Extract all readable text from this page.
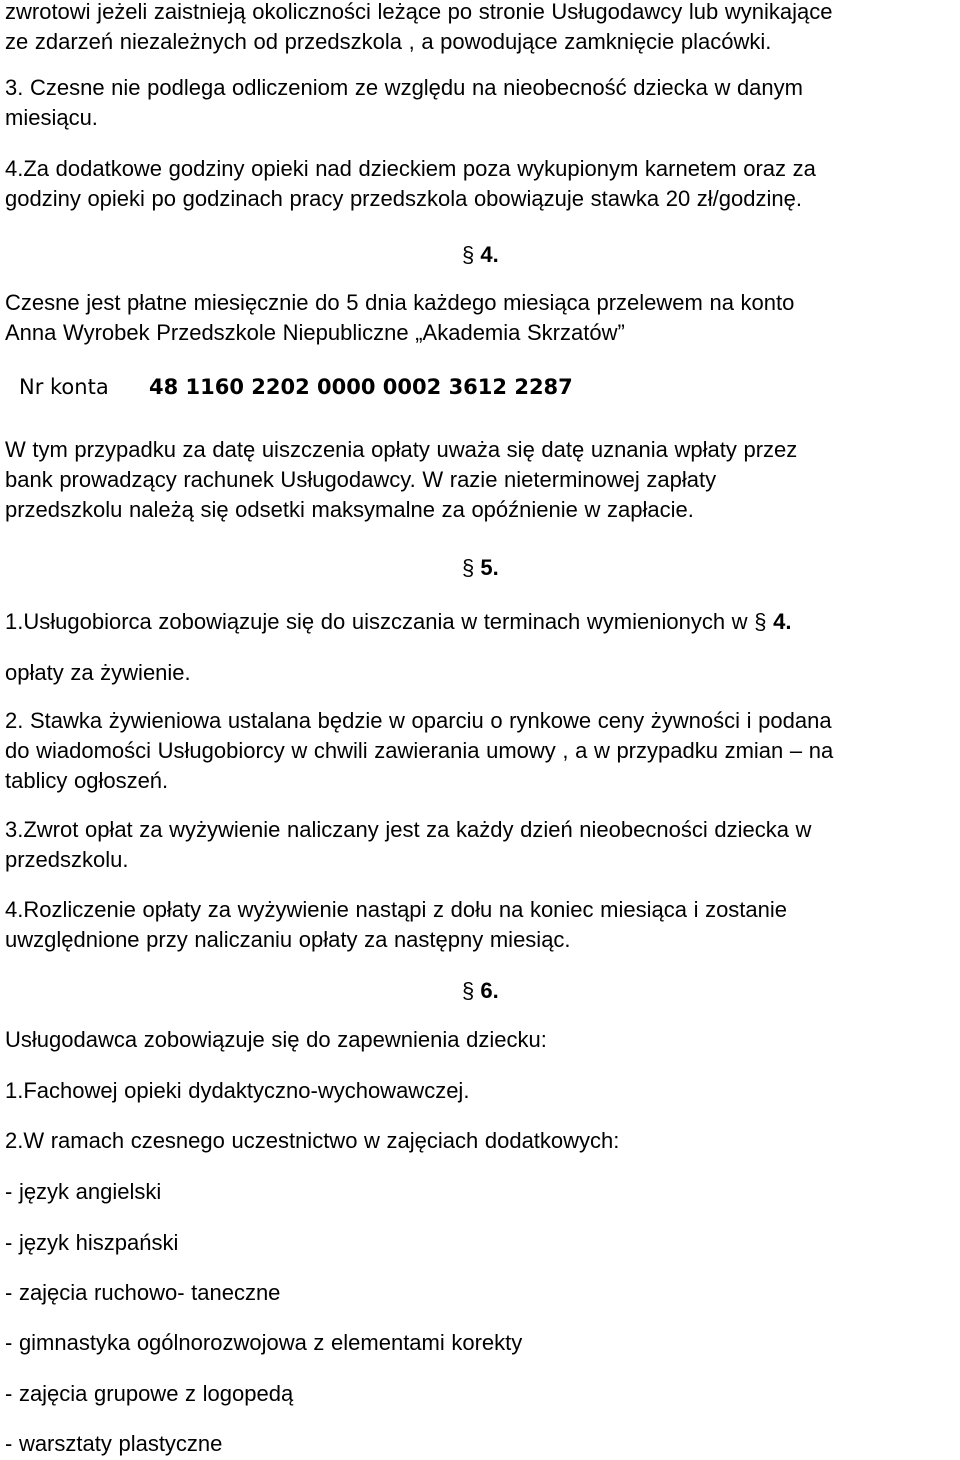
zwrotowi jeżeli zaistnieją okoliczności leżące po stronie Usługodawcy lub wynikające
ze zdarzeń niezależnych od przedszkola , a powodujące zamknięcie placówki.

3. Czesne nie podlega odliczeniom ze względu na nieobecność dziecka w danym
miesiącu.

4.Za dodatkowe godziny opieki nad dzieckiem poza wykupionym karnetem oraz za
godziny opieki po godzinach pracy przedszkola obowiązuje stawka 20 zł/godzinę.

§ 4.

Czesne jest płatne miesięcznie do 5 dnia każdego miesiąca przelewem na konto
Anna Wyrobek Przedszkole Niepubliczne „Akademia Skrzatów”

Nr konta 48 1160 2202 0000 0002 3612 2287

W tym przypadku za datę uiszczenia opłaty uważa się datę uznania wpłaty przez
bank prowadzący rachunek Usługodawcy. W razie nieterminowej zapłaty
przedszkolu należą się odsetki maksymalne za opóźnienie w zapłacie.

§ 5.

1.Usługobiorca zobowiązuje się do uiszczania w terminach wymienionych w § 4.

opłaty za żywienie.

2. Stawka żywieniowa ustalana będzie w oparciu o rynkowe ceny żywności i podana
do wiadomości Usługobiorcy w chwili zawierania umowy , a w przypadku zmian – na
tablicy ogłoszeń.

3.Zwrot opłat za wyżywienie naliczany jest za każdy dzień nieobecności dziecka w
przedszkolu.

4.Rozliczenie opłaty za wyżywienie nastąpi z dołu na koniec miesiąca i zostanie
uwzględnione przy naliczaniu opłaty za następny miesiąc.

§ 6.

Usługodawca zobowiązuje się do zapewnienia dziecku:

1.Fachowej opieki dydaktyczno-wychowawczej.

2.W ramach czesnego uczestnictwo w zajęciach dodatkowych:

- język angielski

- język hiszpański

- zajęcia ruchowo- taneczne

- gimnastyka ogólnorozwojowa z elementami korekty

- zajęcia grupowe z logopedą

- warsztaty plastyczne
